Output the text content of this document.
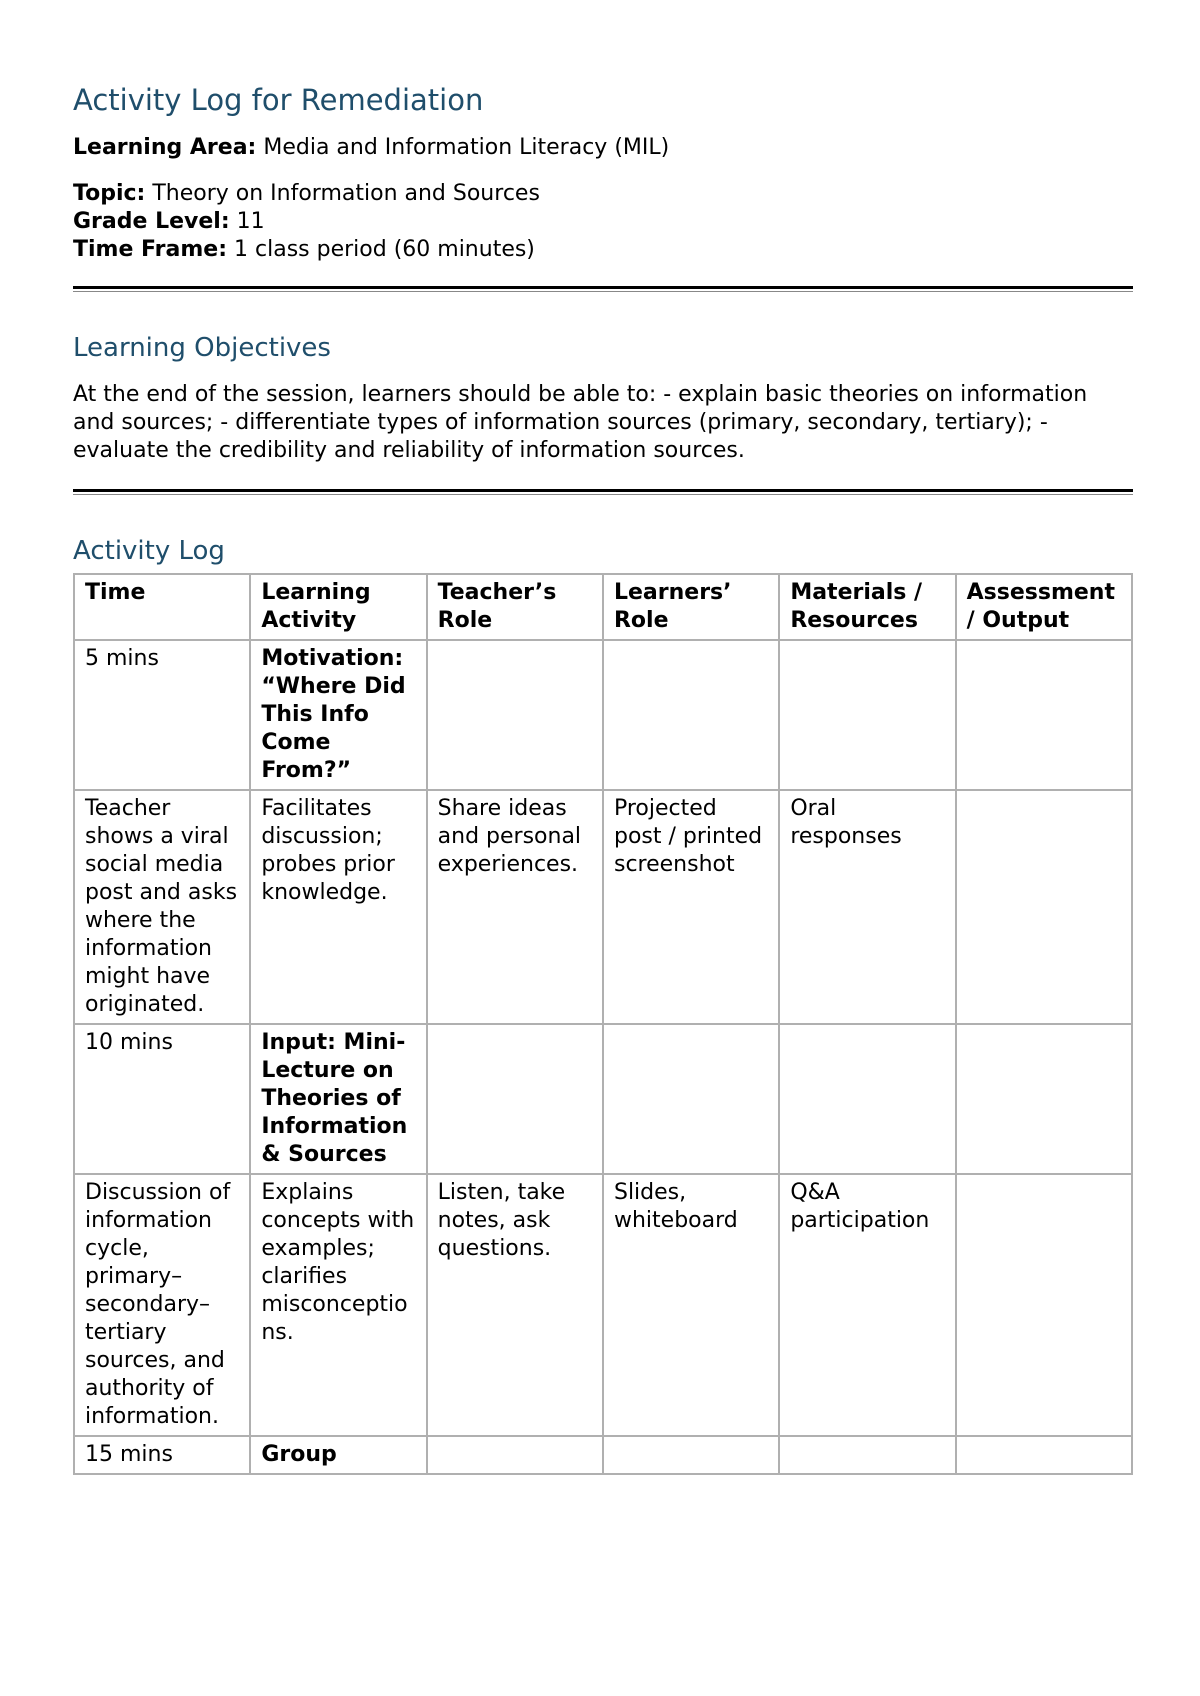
Activity Log for Remediation

Learning Area: Media and Information Literacy (MIL)

Topic: Theory on Information and Sources

Grade Level: 11

Time Frame: 1 class period (60 minutes)

Learning Objectives

At the end of the session, learners should be able to: - explain basic theories on information and sources; - differentiate types of information sources (primary, secondary, tertiary); - evaluate the credibility and reliability of information sources.

Activity Log
Time	Learning Activity	Teacher’s Role	Learners’ Role	Materials / Resources	Assessment / Output
5 mins	Motivation: “Where Did This Info Come From?”				
Teacher shows a viral social media post and asks where the information might have originated.	Facilitates discussion; probes prior knowledge.	Share ideas and personal experiences.	Projected post / printed screenshot	Oral responses	
10 mins	Input: Mini-Lecture on Theories of Information & Sources				
Discussion of information cycle, primary–secondary–tertiary sources, and authority of information.	Explains concepts with examples; clarifies misconceptions.	Listen, take notes, ask questions.	Slides, whiteboard	Q&A participation	
15 mins	Group				
